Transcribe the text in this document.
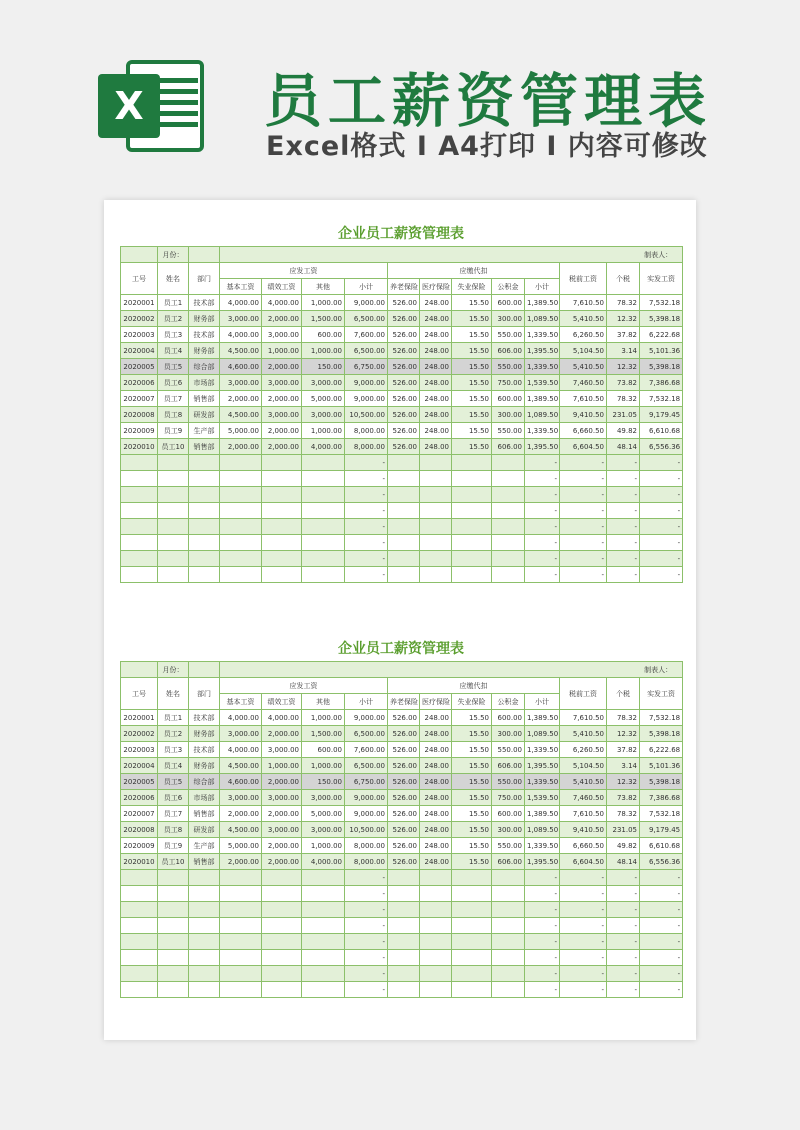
X 员工薪资管理表
Excel格式 Ⅰ A4打印 Ⅰ 内容可修改
企业员工薪资管理表
	月份：		制表人：											
工号	姓名	部门	应发工资				应缴代扣					税前工资	个税	实发工资
			基本工资	绩效工资	其他	小计	养老保险	医疗保险	失业保险	公积金	小计			
2020001	员工1	技术部	4,000.00	4,000.00	1,000.00	9,000.00	526.00	248.00	15.50	600.00	1,389.50	7,610.50	78.32	7,532.18
2020002	员工2	财务部	3,000.00	2,000.00	1,500.00	6,500.00	526.00	248.00	15.50	300.00	1,089.50	5,410.50	12.32	5,398.18
2020003	员工3	技术部	4,000.00	3,000.00	600.00	7,600.00	526.00	248.00	15.50	550.00	1,339.50	6,260.50	37.82	6,222.68
2020004	员工4	财务部	4,500.00	1,000.00	1,000.00	6,500.00	526.00	248.00	15.50	606.00	1,395.50	5,104.50	3.14	5,101.36
2020005	员工5	综合部	4,600.00	2,000.00	150.00	6,750.00	526.00	248.00	15.50	550.00	1,339.50	5,410.50	12.32	5,398.18
2020006	员工6	市场部	3,000.00	3,000.00	3,000.00	9,000.00	526.00	248.00	15.50	750.00	1,539.50	7,460.50	73.82	7,386.68
2020007	员工7	销售部	2,000.00	2,000.00	5,000.00	9,000.00	526.00	248.00	15.50	600.00	1,389.50	7,610.50	78.32	7,532.18
2020008	员工8	研发部	4,500.00	3,000.00	3,000.00	10,500.00	526.00	248.00	15.50	300.00	1,089.50	9,410.50	231.05	9,179.45
2020009	员工9	生产部	5,000.00	2,000.00	1,000.00	8,000.00	526.00	248.00	15.50	550.00	1,339.50	6,660.50	49.82	6,610.68
2020010	员工10	销售部	2,000.00	2,000.00	4,000.00	8,000.00	526.00	248.00	15.50	606.00	1,395.50	6,604.50	48.14	6,556.36
						-					-	-	-	-
						-					-	-	-	-
						-					-	-	-	-
						-					-	-	-	-
						-					-	-	-	-
						-					-	-	-	-
						-					-	-	-	-
						-					-	-	-	-
企业员工薪资管理表
	月份：		制表人：											
工号	姓名	部门	应发工资				应缴代扣					税前工资	个税	实发工资
			基本工资	绩效工资	其他	小计	养老保险	医疗保险	失业保险	公积金	小计			
2020001	员工1	技术部	4,000.00	4,000.00	1,000.00	9,000.00	526.00	248.00	15.50	600.00	1,389.50	7,610.50	78.32	7,532.18
2020002	员工2	财务部	3,000.00	2,000.00	1,500.00	6,500.00	526.00	248.00	15.50	300.00	1,089.50	5,410.50	12.32	5,398.18
2020003	员工3	技术部	4,000.00	3,000.00	600.00	7,600.00	526.00	248.00	15.50	550.00	1,339.50	6,260.50	37.82	6,222.68
2020004	员工4	财务部	4,500.00	1,000.00	1,000.00	6,500.00	526.00	248.00	15.50	606.00	1,395.50	5,104.50	3.14	5,101.36
2020005	员工5	综合部	4,600.00	2,000.00	150.00	6,750.00	526.00	248.00	15.50	550.00	1,339.50	5,410.50	12.32	5,398.18
2020006	员工6	市场部	3,000.00	3,000.00	3,000.00	9,000.00	526.00	248.00	15.50	750.00	1,539.50	7,460.50	73.82	7,386.68
2020007	员工7	销售部	2,000.00	2,000.00	5,000.00	9,000.00	526.00	248.00	15.50	600.00	1,389.50	7,610.50	78.32	7,532.18
2020008	员工8	研发部	4,500.00	3,000.00	3,000.00	10,500.00	526.00	248.00	15.50	300.00	1,089.50	9,410.50	231.05	9,179.45
2020009	员工9	生产部	5,000.00	2,000.00	1,000.00	8,000.00	526.00	248.00	15.50	550.00	1,339.50	6,660.50	49.82	6,610.68
2020010	员工10	销售部	2,000.00	2,000.00	4,000.00	8,000.00	526.00	248.00	15.50	606.00	1,395.50	6,604.50	48.14	6,556.36
						-					-	-	-	-
						-					-	-	-	-
						-					-	-	-	-
						-					-	-	-	-
						-					-	-	-	-
						-					-	-	-	-
						-					-	-	-	-
						-					-	-	-	-
